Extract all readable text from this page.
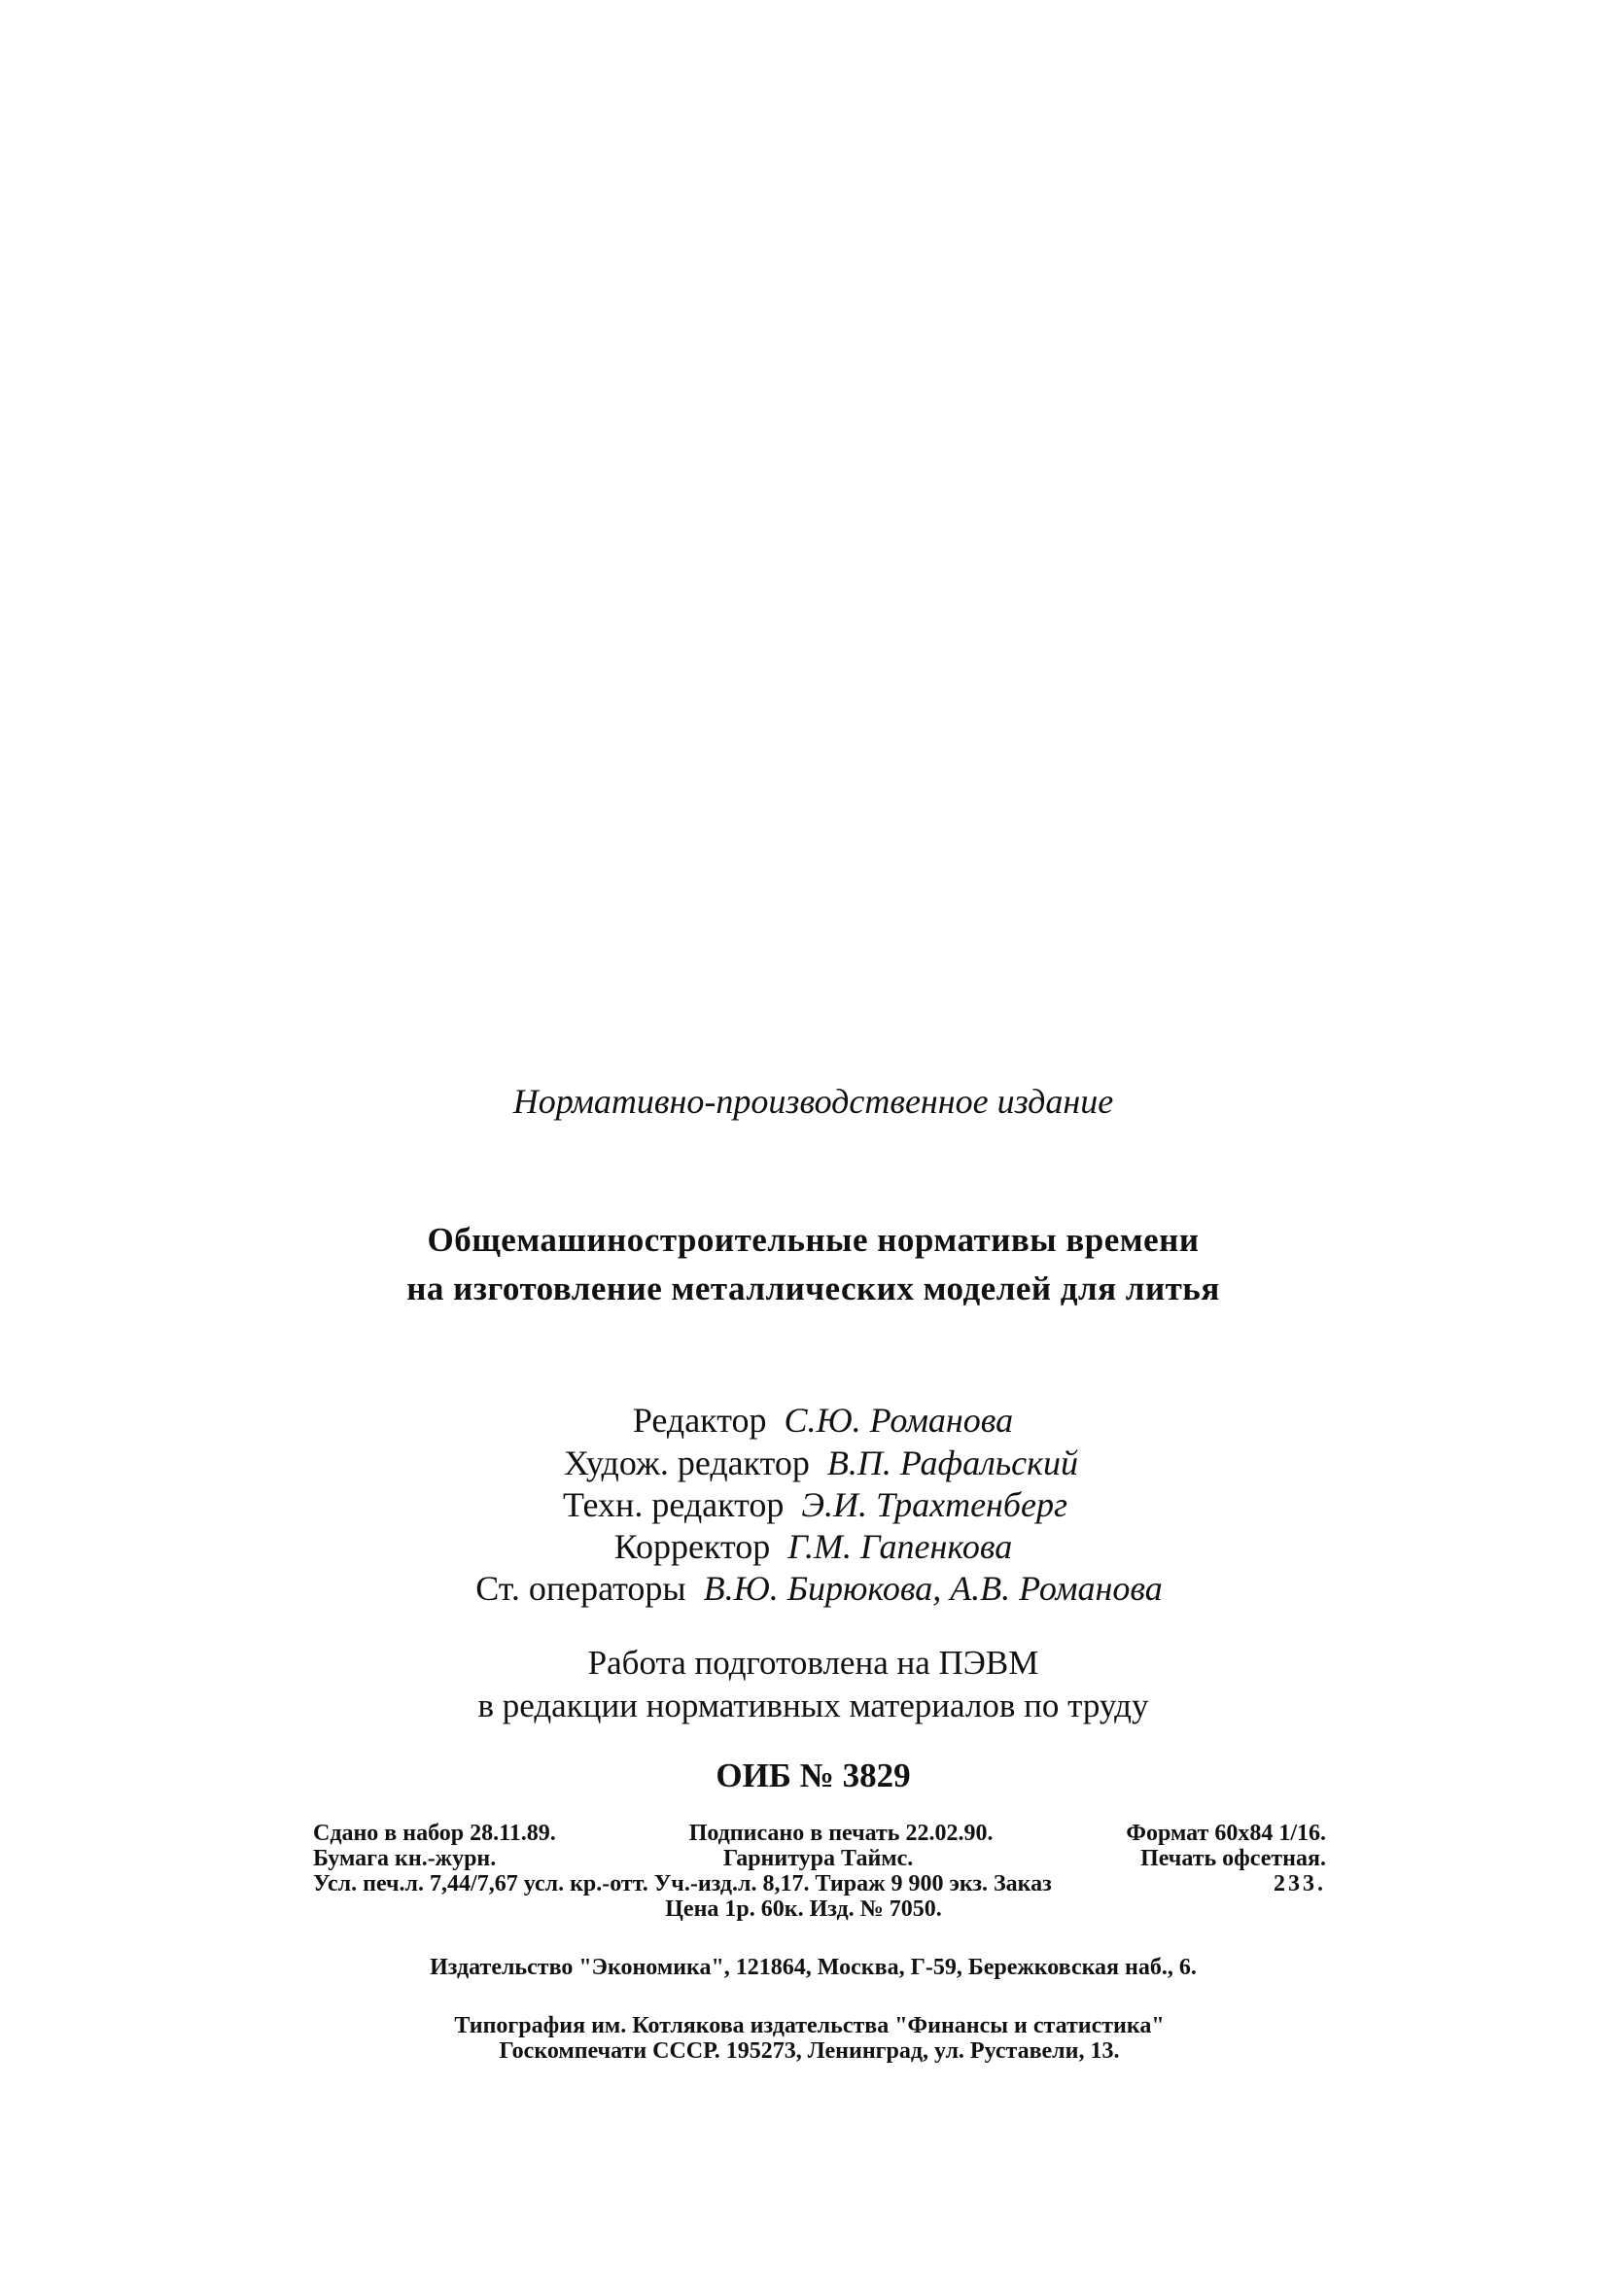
Нормативно-производственное издание
Общемашиностроительные нормативы времени
на изготовление металлических моделей для литья
Редактор С.Ю. Романова
Худож. редактор В.П. Рафальский
Техн. редактор Э.И. Трахтенберг
Корректор Г.М. Гапенкова
Ст. операторы В.Ю. Бирюкова, А.В. Романова
Работа подготовлена на ПЭВМ
в редакции нормативных материалов по труду
ОИБ № 3829
Сдано в набор 28.11.89.	Подписано в печать 22.02.90.	Формат 60х84 1/16.
Бумага кн.-журн.	Гарнитура Таймс.	Печать офсетная.
Усл. печ.л. 7,44/7,67 усл. кр.-отт. Уч.-изд.л. 8,17. Тираж 9 900 экз. Заказ	233.
Цена 1р. 60к. Изд. № 7050.
Издательство "Экономика", 121864, Москва, Г-59, Бережковская наб., 6.
Типография им. Котлякова издательства "Финансы и статистика"
Госкомпечати СССР. 195273, Ленинград, ул. Руставели, 13.
